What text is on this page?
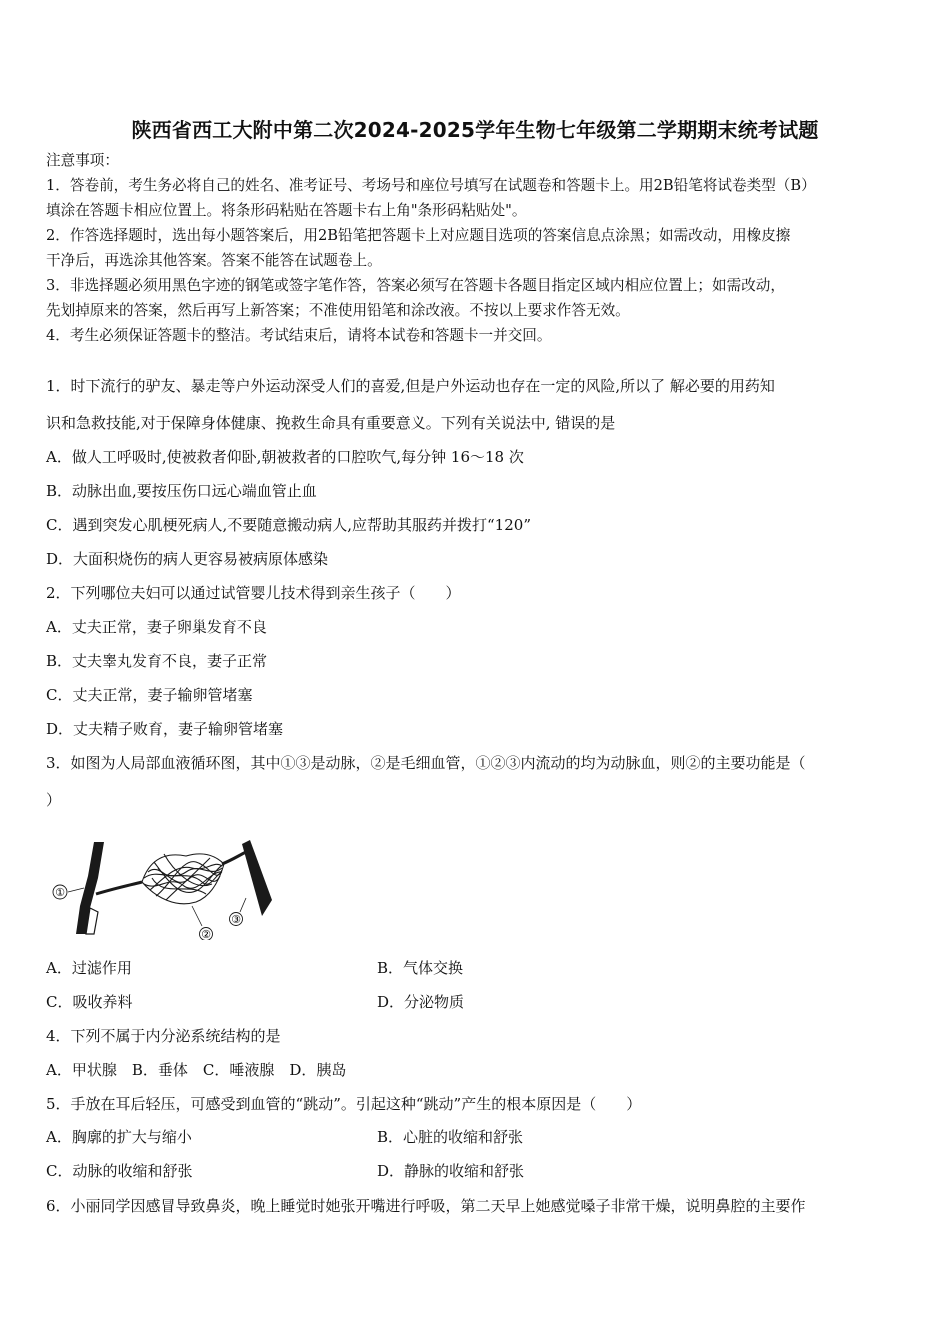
陕西省西工大附中第二次2024-2025学年生物七年级第二学期期末统考试题
注意事项：
1．答卷前，考生务必将自己的姓名、准考证号、考场号和座位号填写在试题卷和答题卡上。用2B铅笔将试卷类型（B）
填涂在答题卡相应位置上。将条形码粘贴在答题卡右上角"条形码粘贴处"。
2．作答选择题时，选出每小题答案后，用2B铅笔把答题卡上对应题目选项的答案信息点涂黑；如需改动，用橡皮擦
干净后，再选涂其他答案。答案不能答在试题卷上。
3．非选择题必须用黑色字迹的钢笔或签字笔作答，答案必须写在答题卡各题目指定区域内相应位置上；如需改动，
先划掉原来的答案，然后再写上新答案；不准使用铅笔和涂改液。不按以上要求作答无效。
4．考生必须保证答题卡的整洁。考试结束后，请将本试卷和答题卡一并交回。
1．时下流行的驴友、暴走等户外运动深受人们的喜爱,但是户外运动也存在一定的风险,所以了 解必要的用药知
识和急救技能,对于保障身体健康、挽救生命具有重要意义。下列有关说法中, 错误的是
A．做人工呼吸时,使被救者仰卧,朝被救者的口腔吹气,每分钟 16～18 次
B．动脉出血,要按压伤口远心端血管止血
C．遇到突发心肌梗死病人,不要随意搬动病人,应帮助其服药并拨打“120”
D．大面积烧伤的病人更容易被病原体感染
2．下列哪位夫妇可以通过试管婴儿技术得到亲生孩子（　　）
A．丈夫正常，妻子卵巢发育不良
B．丈夫睾丸发育不良，妻子正常
C．丈夫正常，妻子输卵管堵塞
D．丈夫精子败育，妻子输卵管堵塞
3．如图为人局部血液循环图，其中①③是动脉，②是毛细血管，①②③内流动的均为动脉血，则②的主要功能是（
）
①
②
③
A．过滤作用	B．气体交换
C．吸收养料	D．分泌物质
4．下列不属于内分泌系统结构的是
A．甲状腺　B．垂体　C．唾液腺　D．胰岛
5．手放在耳后轻压，可感受到血管的“跳动”。引起这种“跳动”产生的根本原因是（　　）
A．胸廓的扩大与缩小	B．心脏的收缩和舒张
C．动脉的收缩和舒张	D．静脉的收缩和舒张
6．小丽同学因感冒导致鼻炎，晚上睡觉时她张开嘴进行呼吸，第二天早上她感觉嗓子非常干燥，说明鼻腔的主要作
